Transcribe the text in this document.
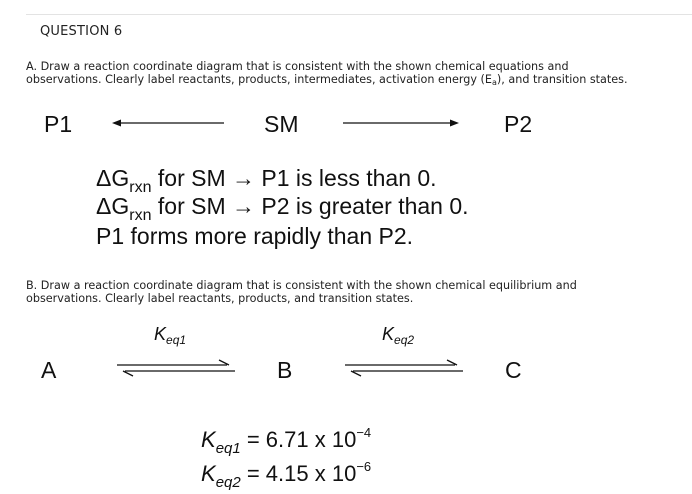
QUESTION 6
A. Draw a reaction coordinate diagram that is consistent with the shown chemical equations and
observations. Clearly label reactants, products, intermediates, activation energy (Ea), and transition states.
P1	SM	P2
$\Delta G_{rxn}$ for SM → P1 is less than 0.
$\Delta G_{rxn}$ for SM → P2 is greater than 0.
P1 forms more rapidly than P2.
B. Draw a reaction coordinate diagram that is consistent with the shown chemical equilibrium and
observations. Clearly label reactants, products, and transition states.
$K_{eq1}$	$K_{eq2}$
A	B	C
$K_{eq1} = 6.71$ x $10^{-4}$
$K_{eq2} = 4.15$ x $10^{-6}$
